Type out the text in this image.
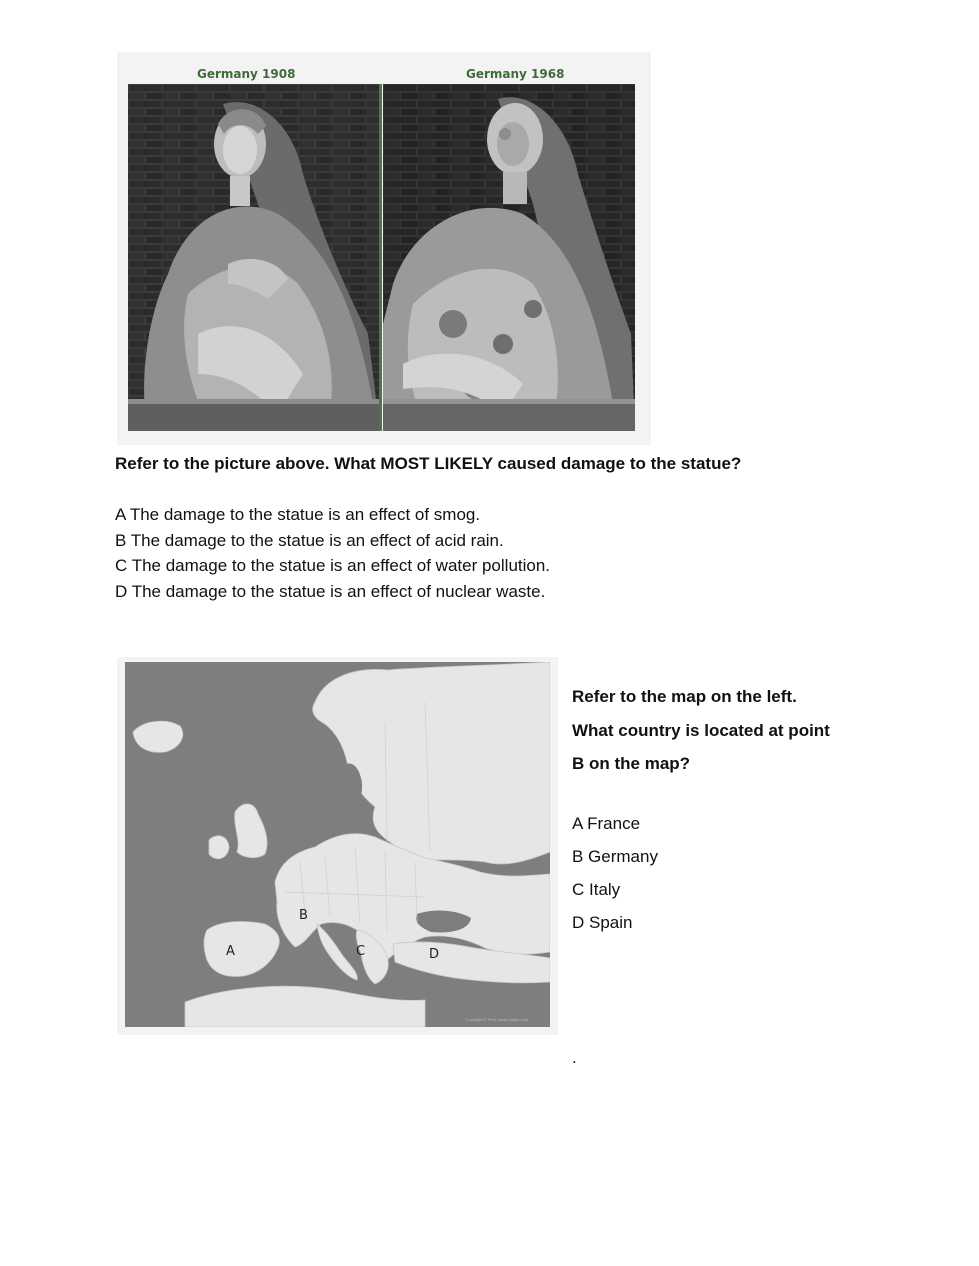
Germany 1908	Germany 1968
Refer to the picture above. What MOST LIKELY caused damage to the statue?
A The damage to the statue is an effect of smog.
B The damage to the statue is an effect of acid rain.
C The damage to the statue is an effect of water pollution.
D The damage to the statue is an effect of nuclear waste.
A
B
C	D
Copyright © Free Vector Maps.com
Refer to the map on the left.
What country is located at point
B on the map?
A France
B Germany
C Italy
D Spain
.
